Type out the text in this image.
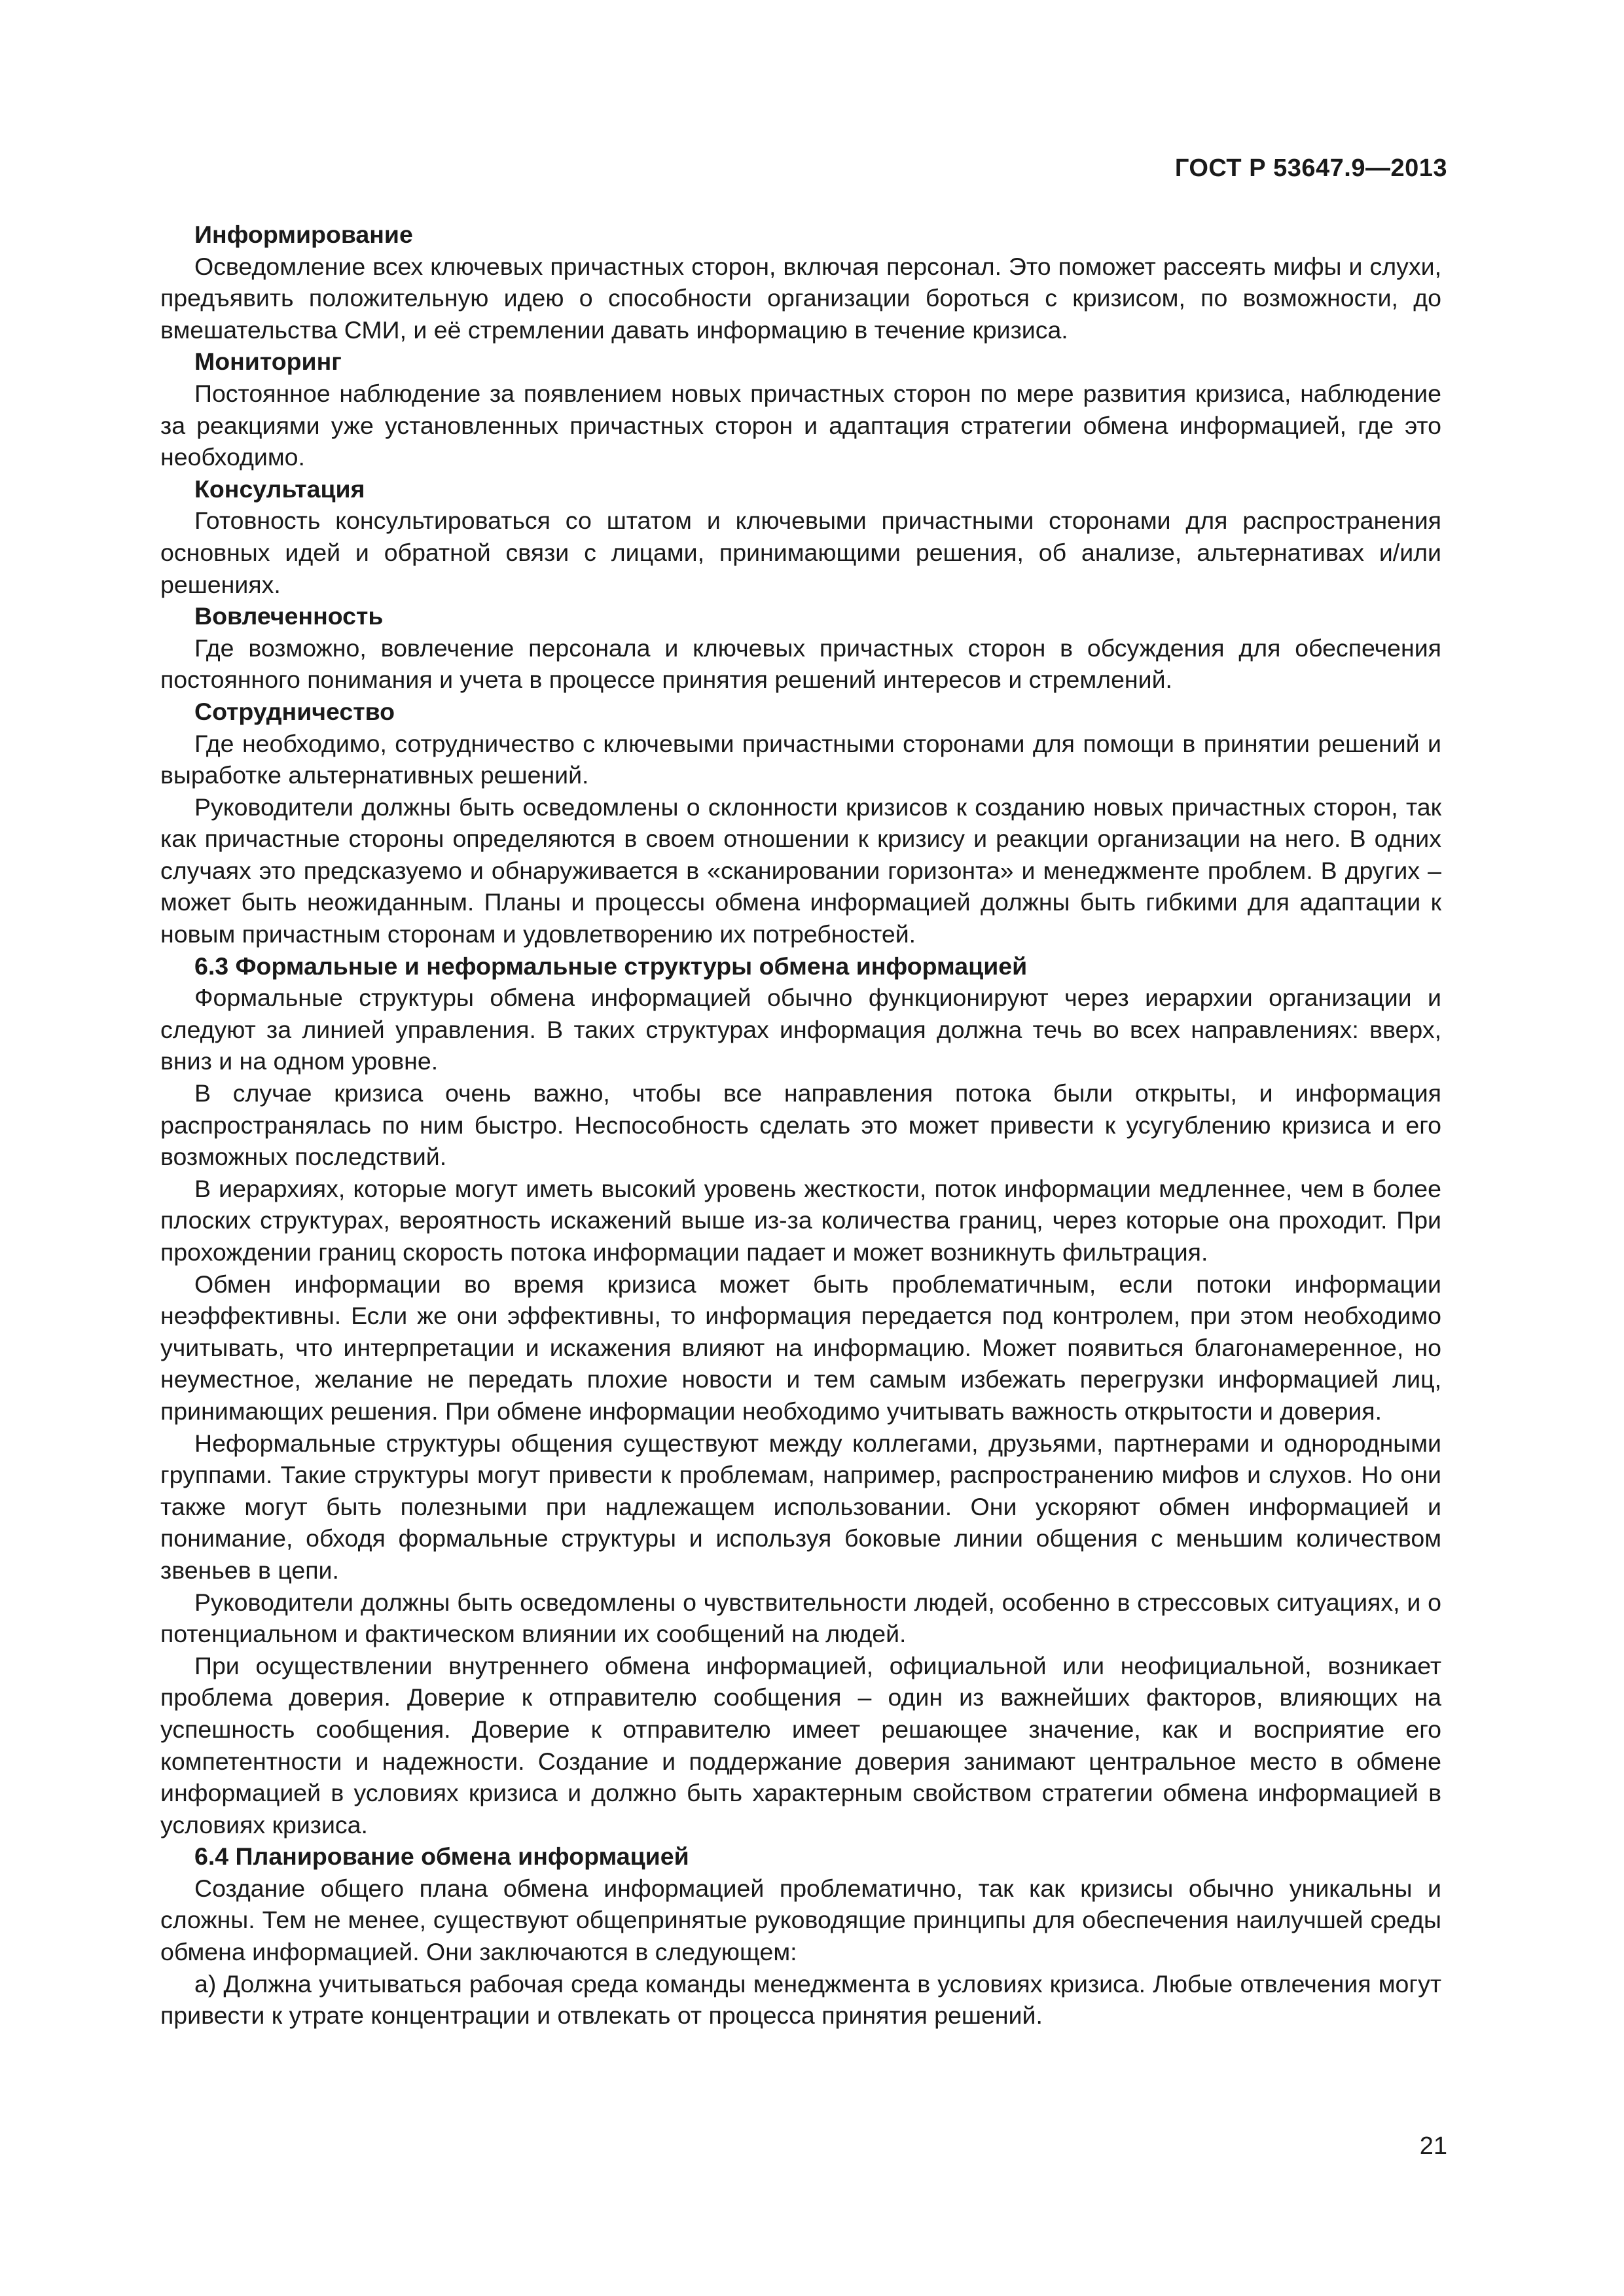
ГОСТ Р 53647.9—2013

Информирование

Осведомление всех ключевых причастных сторон, включая персонал. Это поможет рассеять мифы и слухи, предъявить положительную идею о способности организации бороться с кризисом, по возможности, до вмешательства СМИ, и её стремлении давать информацию в течение кризиса.

Мониторинг

Постоянное наблюдение за появлением новых причастных сторон по мере развития кризиса, наблюдение за реакциями уже установленных причастных сторон и адаптация стратегии обмена информацией, где это необходимо.

Консультация

Готовность консультироваться со штатом и ключевыми причастными сторонами для распространения основных идей и обратной связи с лицами, принимающими решения, об анализе, альтернативах и/или решениях.

Вовлеченность

Где возможно, вовлечение персонала и ключевых причастных сторон в обсуждения для обеспечения постоянного понимания и учета в процессе принятия решений интересов и стремлений.

Сотрудничество

Где необходимо, сотрудничество с ключевыми причастными сторонами для помощи в принятии решений и выработке альтернативных решений.

Руководители должны быть осведомлены о склонности кризисов к созданию новых причастных сторон, так как причастные стороны определяются в своем отношении к кризису и реакции организации на него. В одних случаях это предсказуемо и обнаруживается в «сканировании горизонта» и менеджменте проблем. В других – может быть неожиданным. Планы и процессы обмена информацией должны быть гибкими для адаптации к новым причастным сторонам и удовлетворению их потребностей.

6.3 Формальные и неформальные структуры обмена информацией

Формальные структуры обмена информацией обычно функционируют через иерархии организации и следуют за линией управления. В таких структурах информация должна течь во всех направлениях: вверх, вниз и на одном уровне.

В случае кризиса очень важно, чтобы все направления потока были открыты, и информация распространялась по ним быстро. Неспособность сделать это может привести к усугублению кризиса и его возможных последствий.

В иерархиях, которые могут иметь высокий уровень жесткости, поток информации медленнее, чем в более плоских структурах, вероятность искажений выше из-за количества границ, через которые она проходит. При прохождении границ скорость потока информации падает и может возникнуть фильтрация.

Обмен информации во время кризиса может быть проблематичным, если потоки информации неэффективны. Если же они эффективны, то информация передается под контролем, при этом необходимо учитывать, что интерпретации и искажения влияют на информацию. Может появиться благонамеренное, но неуместное, желание не передать плохие новости и тем самым избежать перегрузки информацией лиц, принимающих решения. При обмене информации необходимо учитывать важность открытости и доверия.

Неформальные структуры общения существуют между коллегами, друзьями, партнерами и однородными группами. Такие структуры могут привести к проблемам, например, распространению мифов и слухов. Но они также могут быть полезными при надлежащем использовании. Они ускоряют обмен информацией и понимание, обходя формальные структуры и используя боковые линии общения с меньшим количеством звеньев в цепи.

Руководители должны быть осведомлены о чувствительности людей, особенно в стрессовых ситуациях, и о потенциальном и фактическом влиянии их сообщений на людей.

При осуществлении внутреннего обмена информацией, официальной или неофициальной, возникает проблема доверия. Доверие к отправителю сообщения – один из важнейших факторов, влияющих на успешность сообщения. Доверие к отправителю имеет решающее значение, как и восприятие его компетентности и надежности. Создание и поддержание доверия занимают центральное место в обмене информацией в условиях кризиса и должно быть характерным свойством стратегии обмена информацией в условиях кризиса.

6.4 Планирование обмена информацией

Создание общего плана обмена информацией проблематично, так как кризисы обычно уникальны и сложны. Тем не менее, существуют общепринятые руководящие принципы для обеспечения наилучшей среды обмена информацией. Они заключаются в следующем:

а) Должна учитываться рабочая среда команды менеджмента в условиях кризиса. Любые отвлечения могут привести к утрате концентрации и отвлекать от процесса принятия решений.

21
